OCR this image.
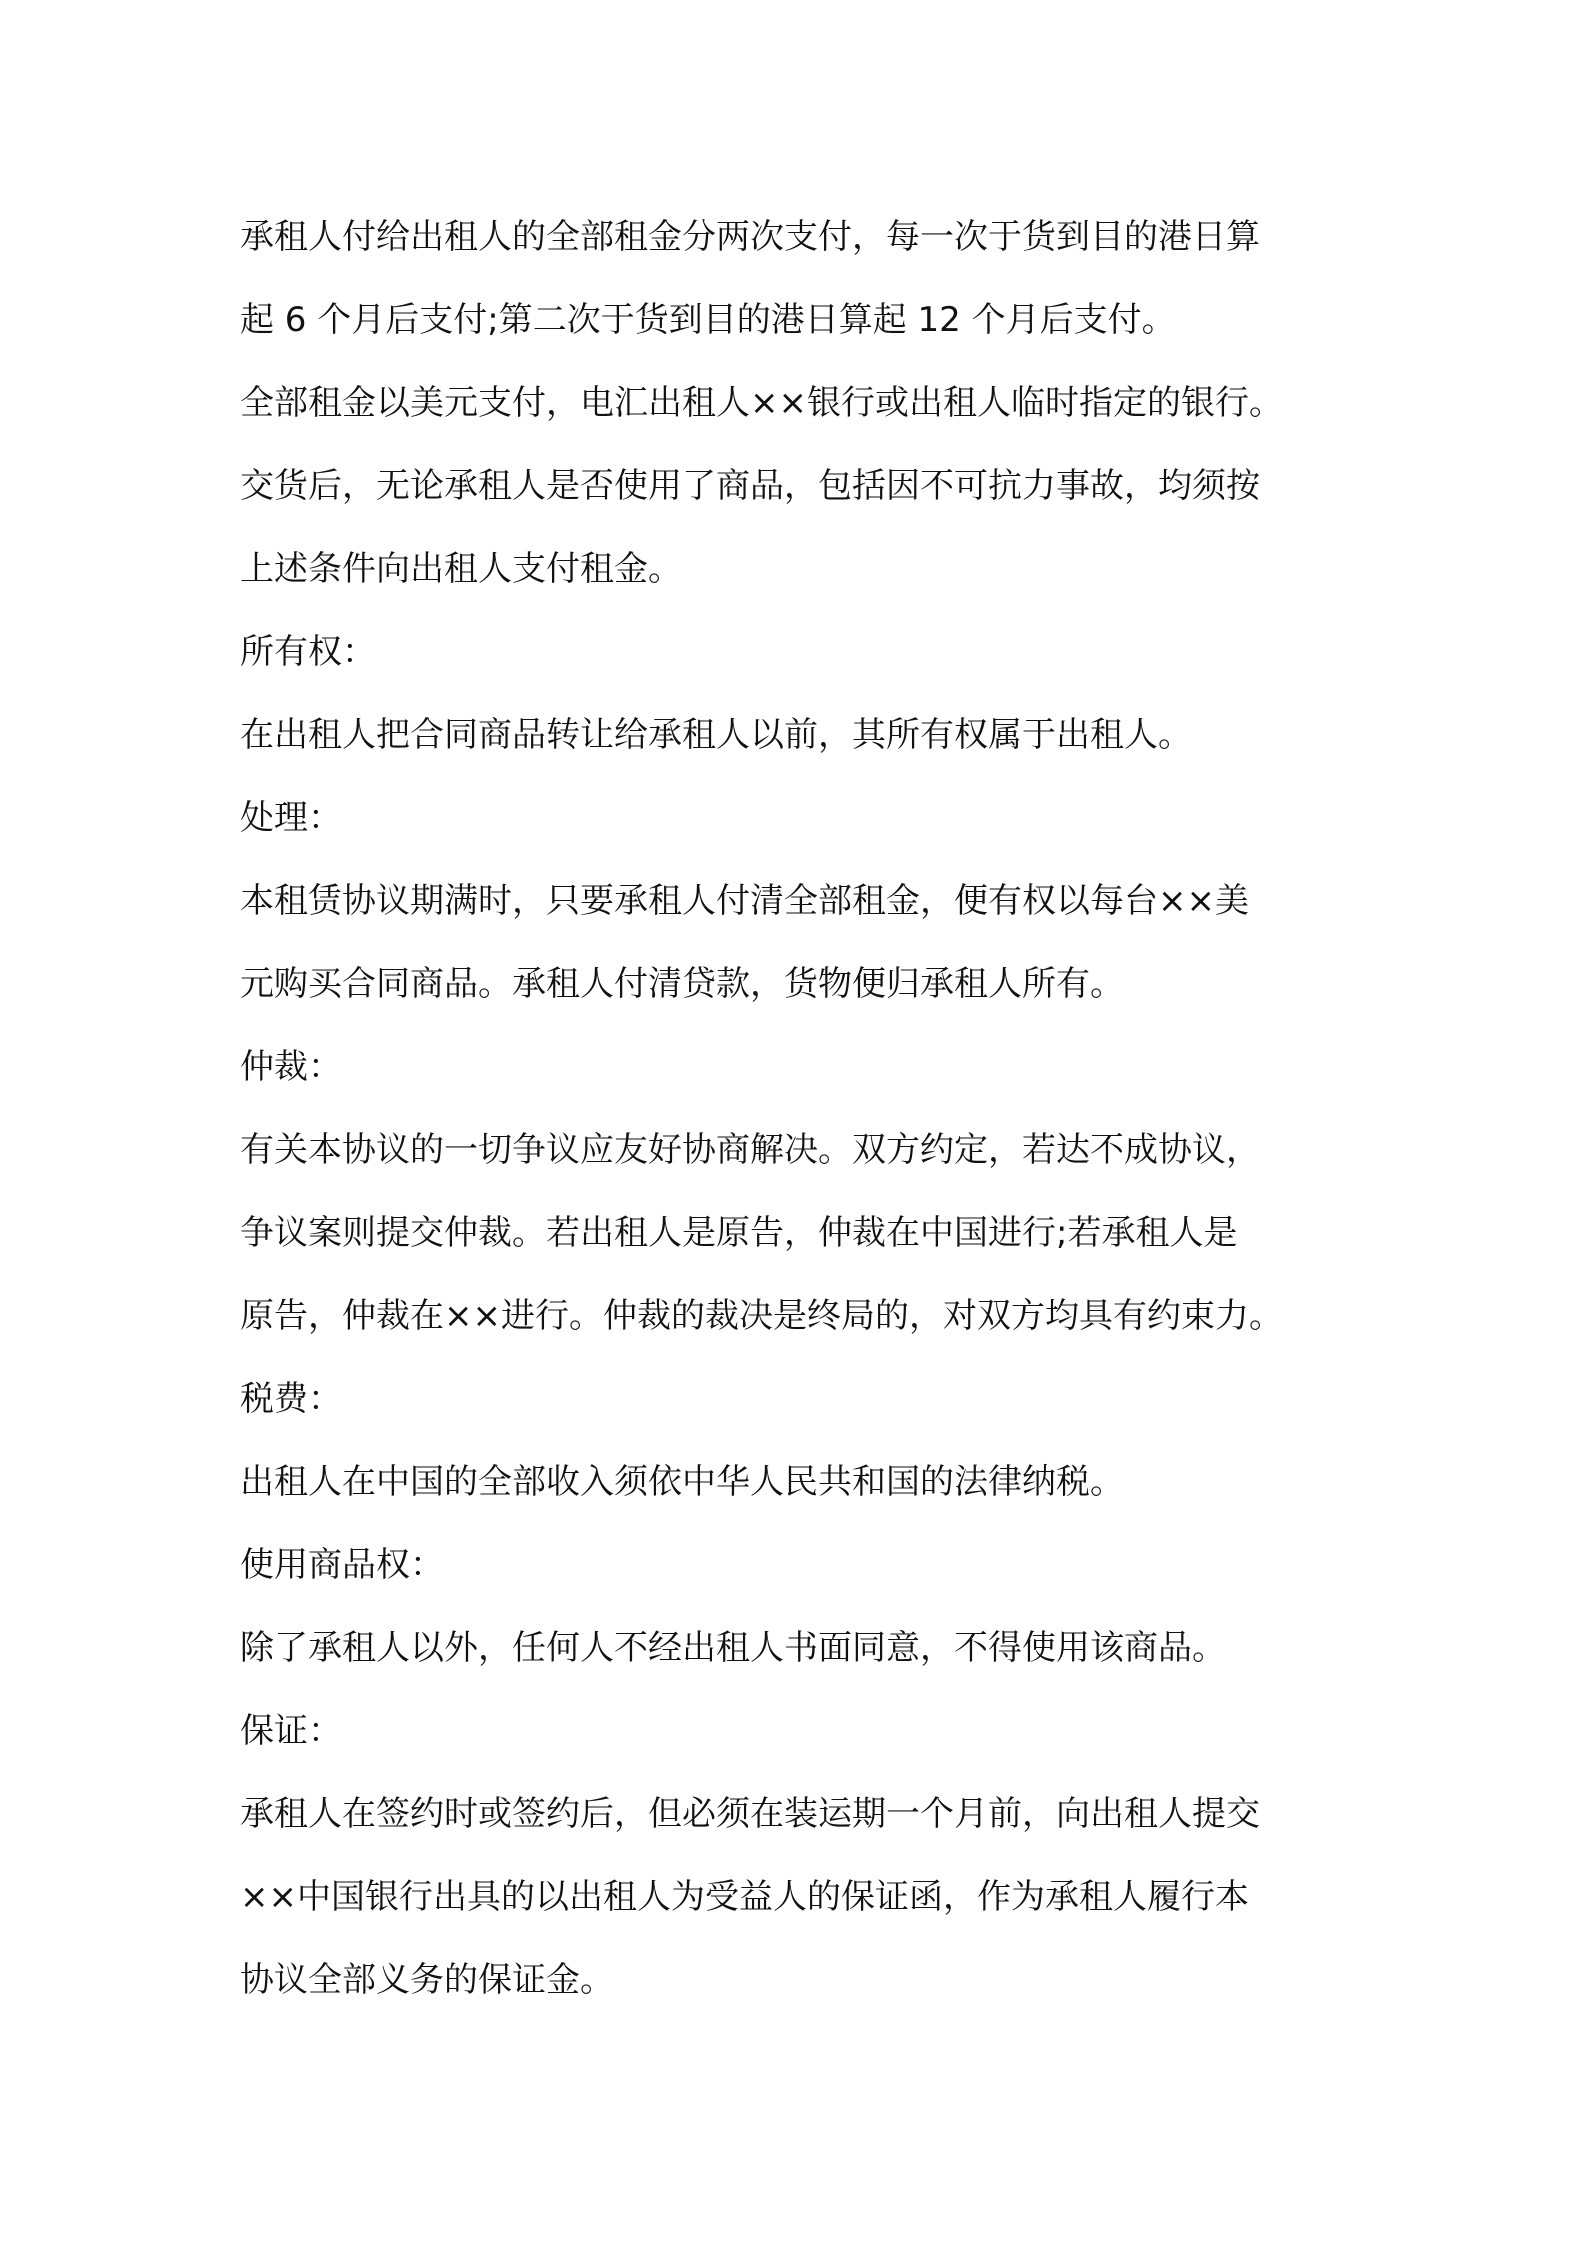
承租人付给出租人的全部租金分两次支付，每一次于货到目的港日算
起 6 个月后支付;第二次于货到目的港日算起 12 个月后支付。
全部租金以美元支付，电汇出租人××银行或出租人临时指定的银行。
交货后，无论承租人是否使用了商品，包括因不可抗力事故，均须按
上述条件向出租人支付租金。
所有权：
在出租人把合同商品转让给承租人以前，其所有权属于出租人。
处理：
本租赁协议期满时，只要承租人付清全部租金，便有权以每台××美
元购买合同商品。承租人付清贷款，货物便归承租人所有。
仲裁：
有关本协议的一切争议应友好协商解决。双方约定，若达不成协议，
争议案则提交仲裁。若出租人是原告，仲裁在中国进行;若承租人是
原告，仲裁在××进行。仲裁的裁决是终局的，对双方均具有约束力。
税费：
出租人在中国的全部收入须依中华人民共和国的法律纳税。
使用商品权：
除了承租人以外，任何人不经出租人书面同意，不得使用该商品。
保证：
承租人在签约时或签约后，但必须在装运期一个月前，向出租人提交
××中国银行出具的以出租人为受益人的保证函，作为承租人履行本
协议全部义务的保证金。
